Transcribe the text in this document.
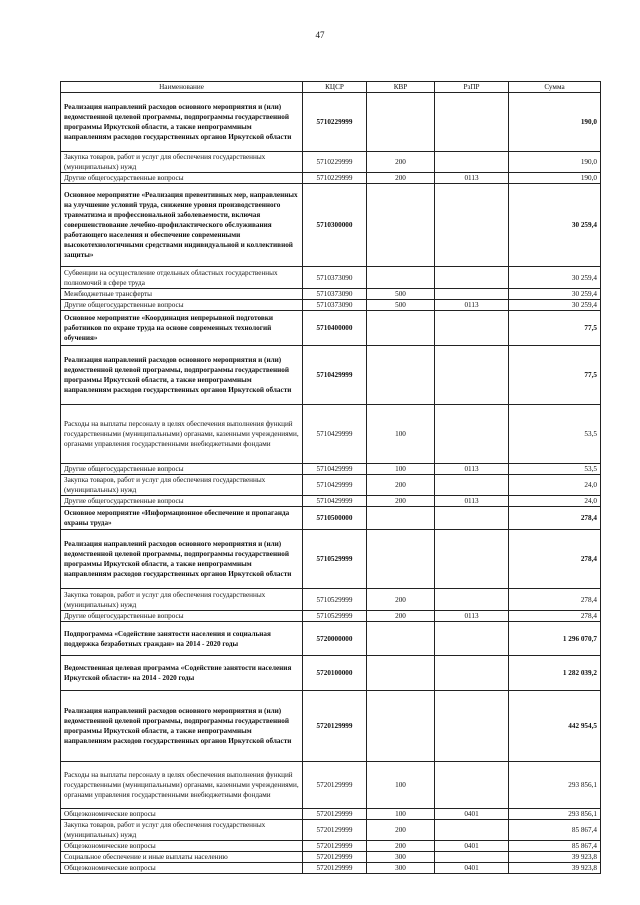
47
Наименование	КЦСР	КВР	РзПР	Сумма
Реализация направлений расходов основного мероприятия и (или) ведомственной целевой программы, подпрограммы государственной программы Иркутской области, а также непрограммным направлениям расходов государственных органов Иркутской области	5710229999			190,0
Закупка товаров, работ и услуг для обеспечения государственных (муниципальных) нужд	5710229999	200		190,0
Другие общегосударственные вопросы	5710229999	200	0113	190,0
Основное мероприятие «Реализация превентивных мер, направленных на улучшение условий труда, снижение уровня производственного травматизма и профессиональной заболеваемости, включая совершенствование лечебно-профилактического обслуживания работающего населения и обеспечение современными высокотехнологичными средствами индивидуальной и коллективной защиты»	5710300000			30 259,4
Субвенции на осуществление отдельных областных государственных полномочий в сфере труда	5710373090			30 259,4
Межбюджетные трансферты	5710373090	500		30 259,4
Другие общегосударственные вопросы	5710373090	500	0113	30 259,4
Основное мероприятие «Координация непрерывной подготовки работников по охране труда на основе современных технологий обучения»	5710400000			77,5
Реализация направлений расходов основного мероприятия и (или) ведомственной целевой программы, подпрограммы государственной программы Иркутской области, а также непрограммным направлениям расходов государственных органов Иркутской области	5710429999			77,5
Расходы на выплаты персоналу в целях обеспечения выполнения функций государственными (муниципальными) органами, казенными учреждениями, органами управления государственными внебюджетными фондами	5710429999	100		53,5
Другие общегосударственные вопросы	5710429999	100	0113	53,5
Закупка товаров, работ и услуг для обеспечения государственных (муниципальных) нужд	5710429999	200		24,0
Другие общегосударственные вопросы	5710429999	200	0113	24,0
Основное мероприятие «Информационное обеспечение и пропаганда охраны труда»	5710500000			278,4
Реализация направлений расходов основного мероприятия и (или) ведомственной целевой программы, подпрограммы государственной программы Иркутской области, а также непрограммным направлениям расходов государственных органов Иркутской области	5710529999			278,4
Закупка товаров, работ и услуг для обеспечения государственных (муниципальных) нужд	5710529999	200		278,4
Другие общегосударственные вопросы	5710529999	200	0113	278,4
Подпрограмма «Содействие занятости населения и социальная поддержка безработных граждан» на 2014 - 2020 годы	5720000000			1 296 070,7
Ведомственная целевая программа «Содействие занятости населения Иркутской области» на 2014 - 2020 годы	5720100000			1 282 039,2
Реализация направлений расходов основного мероприятия и (или) ведомственной целевой программы, подпрограммы государственной программы Иркутской области, а также непрограммным направлениям расходов государственных органов Иркутской области	5720129999			442 954,5
Расходы на выплаты персоналу в целях обеспечения выполнения функций государственными (муниципальными) органами, казенными учреждениями, органами управления государственными внебюджетными фондами	5720129999	100		293 856,1
Общеэкономические вопросы	5720129999	100	0401	293 856,1
Закупка товаров, работ и услуг для обеспечения государственных (муниципальных) нужд	5720129999	200		85 867,4
Общеэкономические вопросы	5720129999	200	0401	85 867,4
Социальное обеспечение и иные выплаты населению	5720129999	300		39 923,8
Общеэкономические вопросы	5720129999	300	0401	39 923,8
